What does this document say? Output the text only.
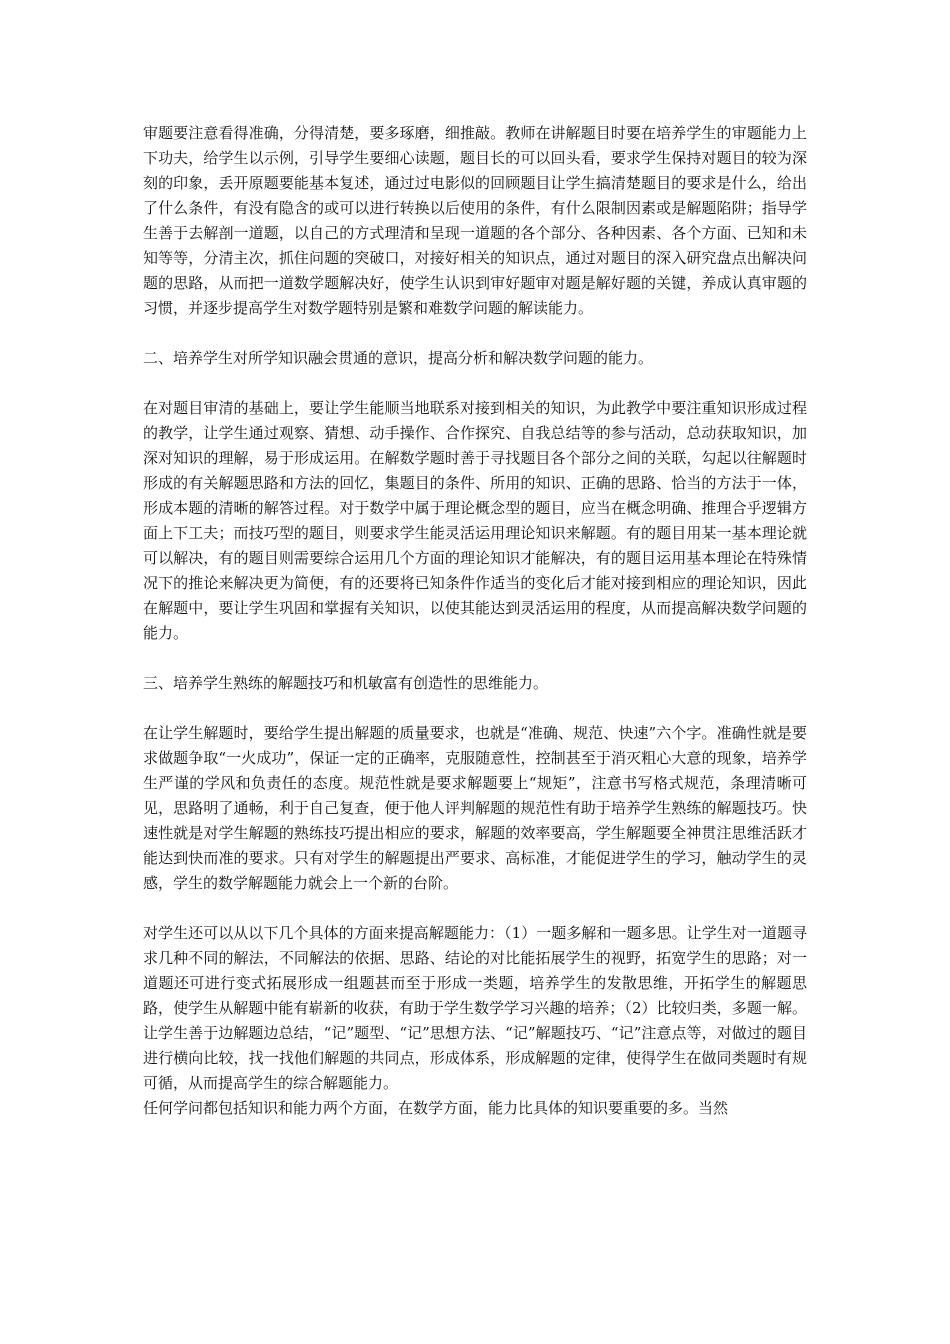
审题要注意看得准确，分得清楚，要多琢磨，细推敲。教师在讲解题目时要在培养学生的审题能力上下功夫，给学生以示例，引导学生要细心读题，题目长的可以回头看，要求学生保持对题目的较为深刻的印象，丢开原题要能基本复述，通过过电影似的回顾题目让学生搞清楚题目的要求是什么，给出了什么条件，有没有隐含的或可以进行转换以后使用的条件，有什么限制因素或是解题陷阱；指导学生善于去解剖一道题，以自己的方式理清和呈现一道题的各个部分、各种因素、各个方面、已知和未知等等，分清主次，抓住问题的突破口，对接好相关的知识点，通过对题目的深入研究盘点出解决问题的思路，从而把一道数学题解决好，使学生认识到审好题审对题是解好题的关键，养成认真审题的习惯，并逐步提高学生对数学题特别是繁和难数学问题的解读能力。

二、培养学生对所学知识融会贯通的意识，提高分析和解决数学问题的能力。

在对题目审清的基础上，要让学生能顺当地联系对接到相关的知识，为此教学中要注重知识形成过程的教学，让学生通过观察、猜想、动手操作、合作探究、自我总结等的参与活动，总动获取知识，加深对知识的理解，易于形成运用。在解数学题时善于寻找题目各个部分之间的关联，勾起以往解题时形成的有关解题思路和方法的回忆，集题目的条件、所用的知识、正确的思路、恰当的方法于一体，形成本题的清晰的解答过程。对于数学中属于理论概念型的题目，应当在概念明确、推理合乎逻辑方面上下工夫；而技巧型的题目，则要求学生能灵活运用理论知识来解题。有的题目用某一基本理论就可以解决，有的题目则需要综合运用几个方面的理论知识才能解决，有的题目运用基本理论在特殊情况下的推论来解决更为简便，有的还要将已知条件作适当的变化后才能对接到相应的理论知识，因此在解题中，要让学生巩固和掌握有关知识，以使其能达到灵活运用的程度，从而提高解决数学问题的能力。

三、培养学生熟练的解题技巧和机敏富有创造性的思维能力。

在让学生解题时，要给学生提出解题的质量要求，也就是“准确、规范、快速”六个字。准确性就是要求做题争取“一火成功”，保证一定的正确率，克服随意性，控制甚至于消灭粗心大意的现象，培养学生严谨的学风和负责任的态度。规范性就是要求解题要上“规矩”，注意书写格式规范，条理清晰可见，思路明了通畅，利于自己复查，便于他人评判解题的规范性有助于培养学生熟练的解题技巧。快速性就是对学生解题的熟练技巧提出相应的要求，解题的效率要高，学生解题要全神贯注思维活跃才能达到快而准的要求。只有对学生的解题提出严要求、高标准，才能促进学生的学习，触动学生的灵感，学生的数学解题能力就会上一个新的台阶。

对学生还可以从以下几个具体的方面来提高解题能力：（1）一题多解和一题多思。让学生对一道题寻求几种不同的解法，不同解法的依据、思路、结论的对比能拓展学生的视野，拓宽学生的思路；对一道题还可进行变式拓展形成一组题甚而至于形成一类题，培养学生的发散思维，开拓学生的解题思路，使学生从解题中能有崭新的收获，有助于学生数学学习兴趣的培养；（2）比较归类，多题一解。让学生善于边解题边总结，“记”题型、“记”思想方法、“记”解题技巧、“记”注意点等，对做过的题目进行横向比较，找一找他们解题的共同点，形成体系，形成解题的定律，使得学生在做同类题时有规可循，从而提高学生的综合解题能力。

任何学问都包括知识和能力两个方面，在数学方面，能力比具体的知识要重要的多。当然
